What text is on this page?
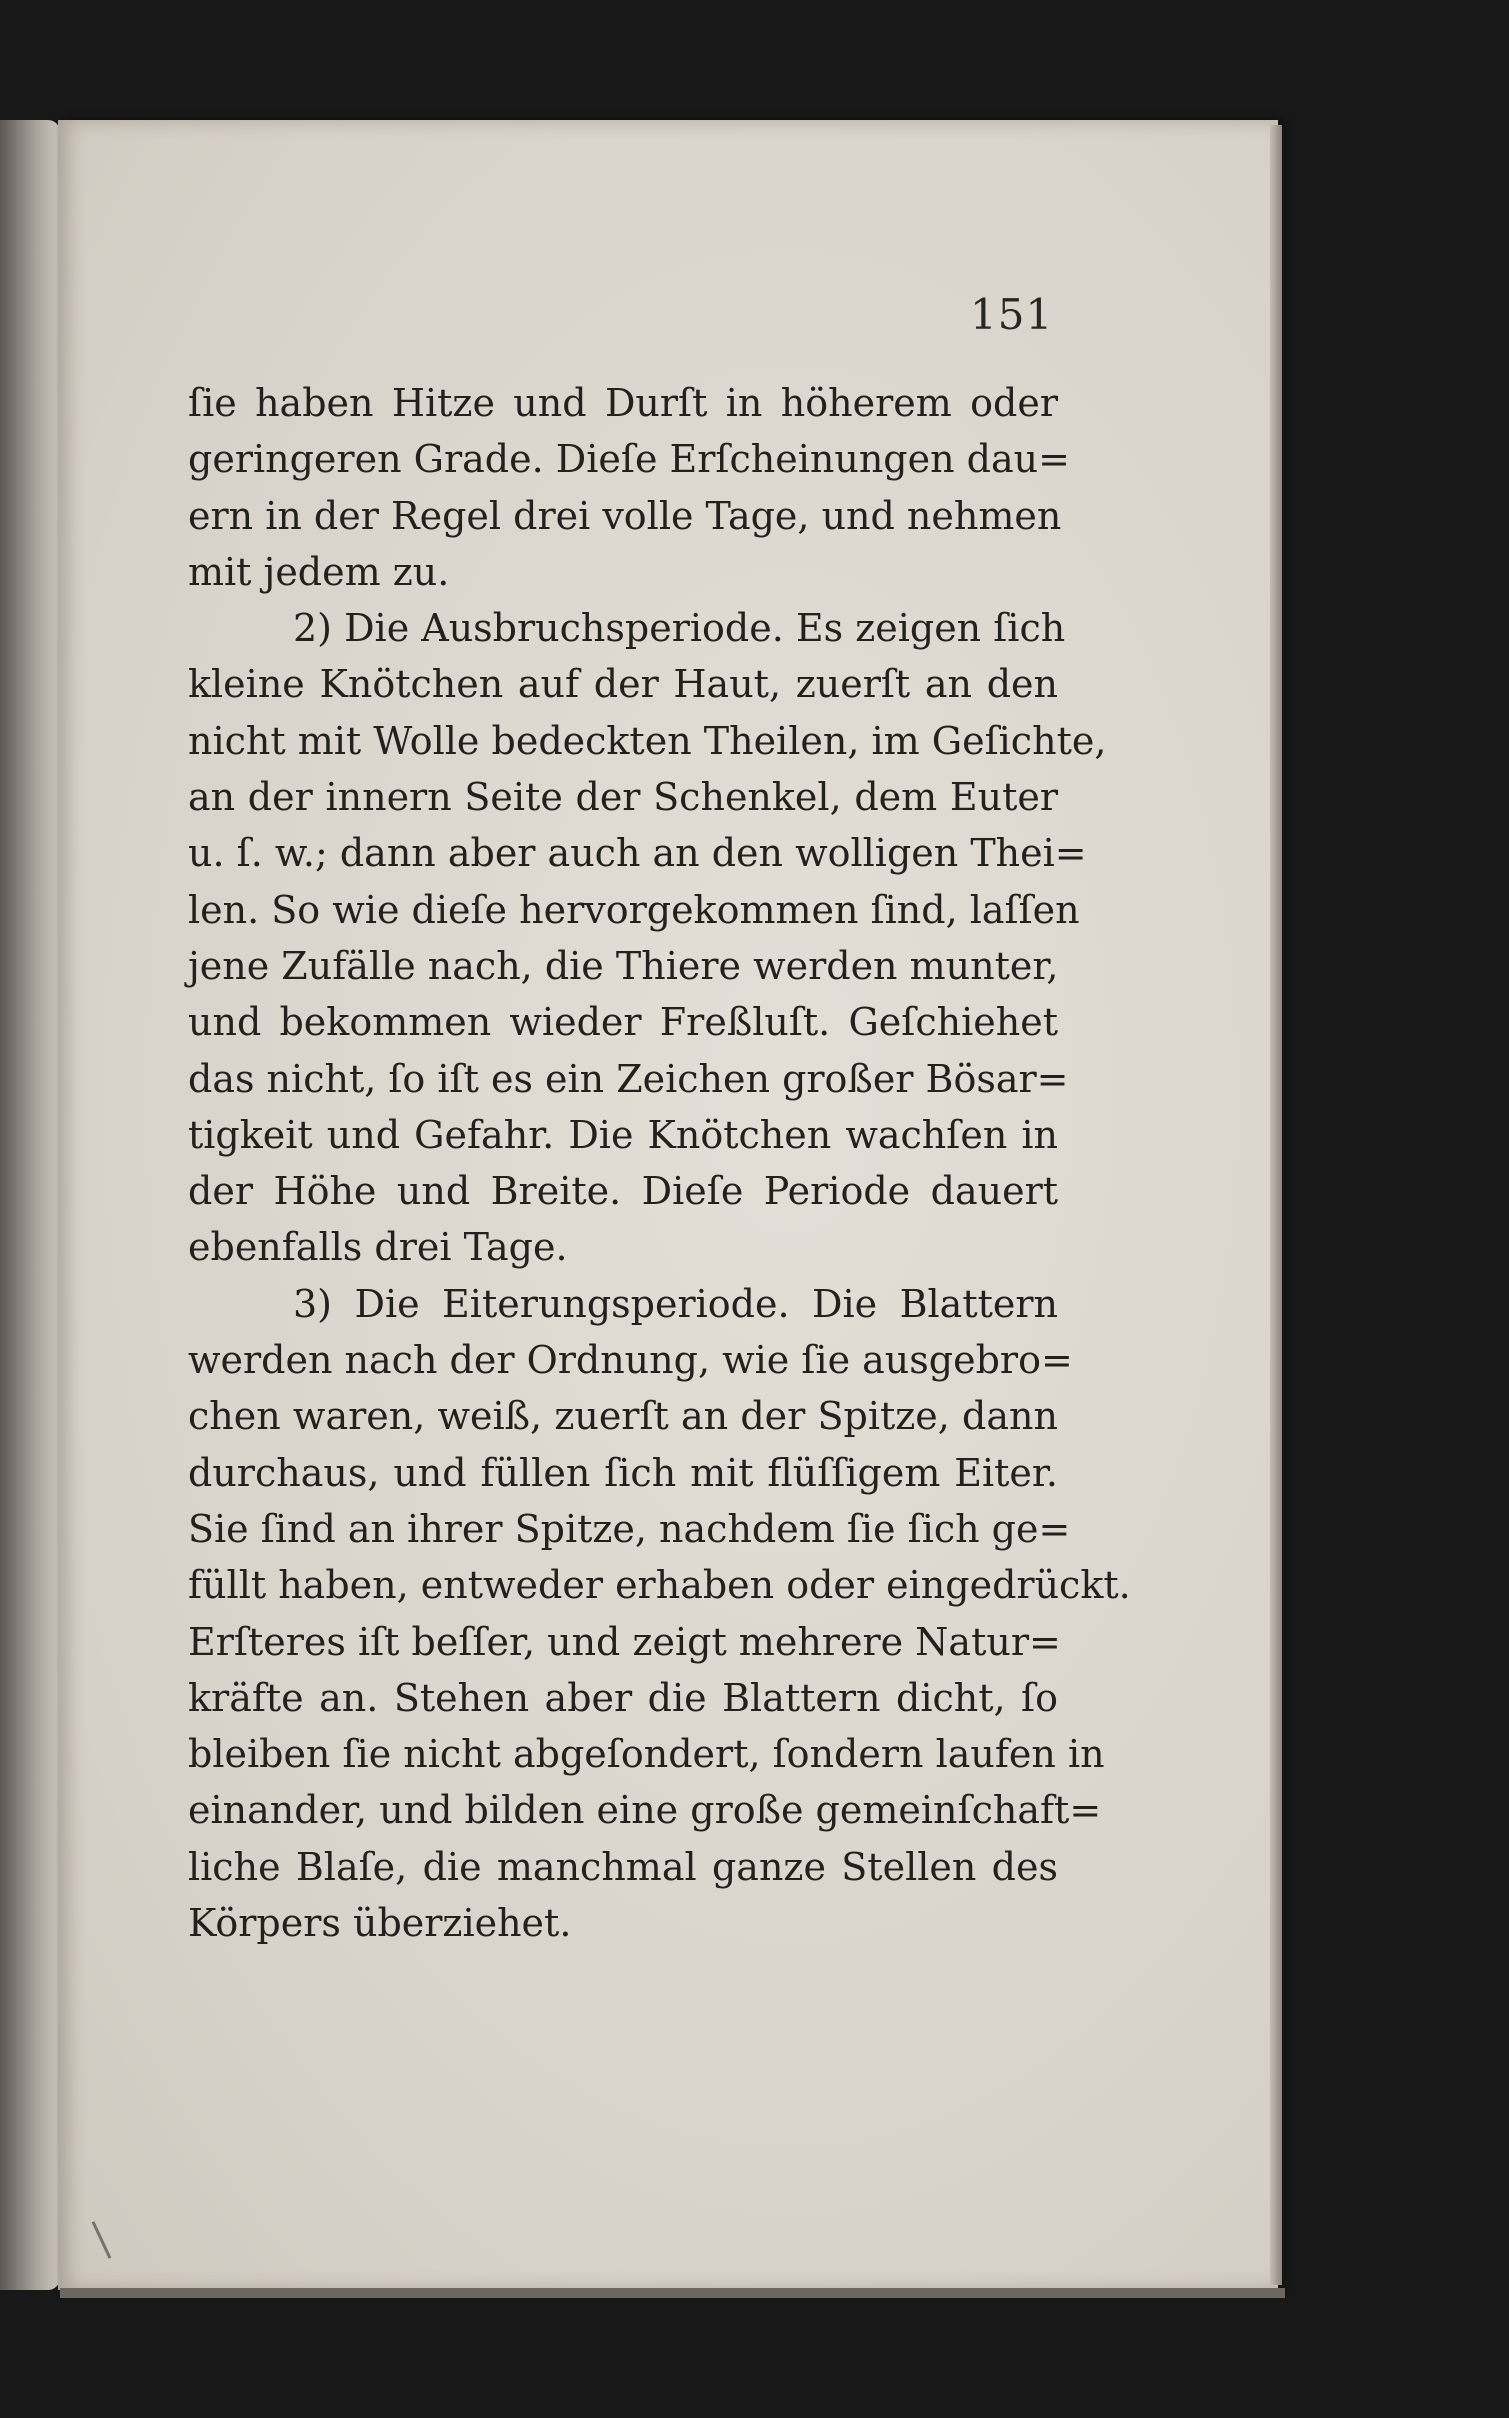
151
ſie haben Hitze und Durſt in höherem oder
geringeren Grade. Dieſe Erſcheinungen dau=
ern in der Regel drei volle Tage, und nehmen
mit jedem zu.
2) Die Ausbruchsperiode. Es zeigen ſich
kleine Knötchen auf der Haut, zuerſt an den
nicht mit Wolle bedeckten Theilen, im Geſichte,
an der innern Seite der Schenkel, dem Euter
u. ſ. w.; dann aber auch an den wolligen Thei=
len. So wie dieſe hervorgekommen ſind, laſſen
jene Zufälle nach, die Thiere werden munter,
und bekommen wieder Freßluſt. Geſchiehet
das nicht, ſo iſt es ein Zeichen großer Bösar=
tigkeit und Gefahr. Die Knötchen wachſen in
der Höhe und Breite. Dieſe Periode dauert
ebenfalls drei Tage.
3) Die Eiterungsperiode. Die Blattern
werden nach der Ordnung, wie ſie ausgebro=
chen waren, weiß, zuerſt an der Spitze, dann
durchaus, und füllen ſich mit flüſſigem Eiter.
Sie ſind an ihrer Spitze, nachdem ſie ſich ge=
füllt haben, entweder erhaben oder eingedrückt.
Erſteres iſt beſſer, und zeigt mehrere Natur=
kräfte an. Stehen aber die Blattern dicht, ſo
bleiben ſie nicht abgeſondert, ſondern laufen in
einander, und bilden eine große gemeinſchaft=
liche Blaſe, die manchmal ganze Stellen des
Körpers überziehet.
